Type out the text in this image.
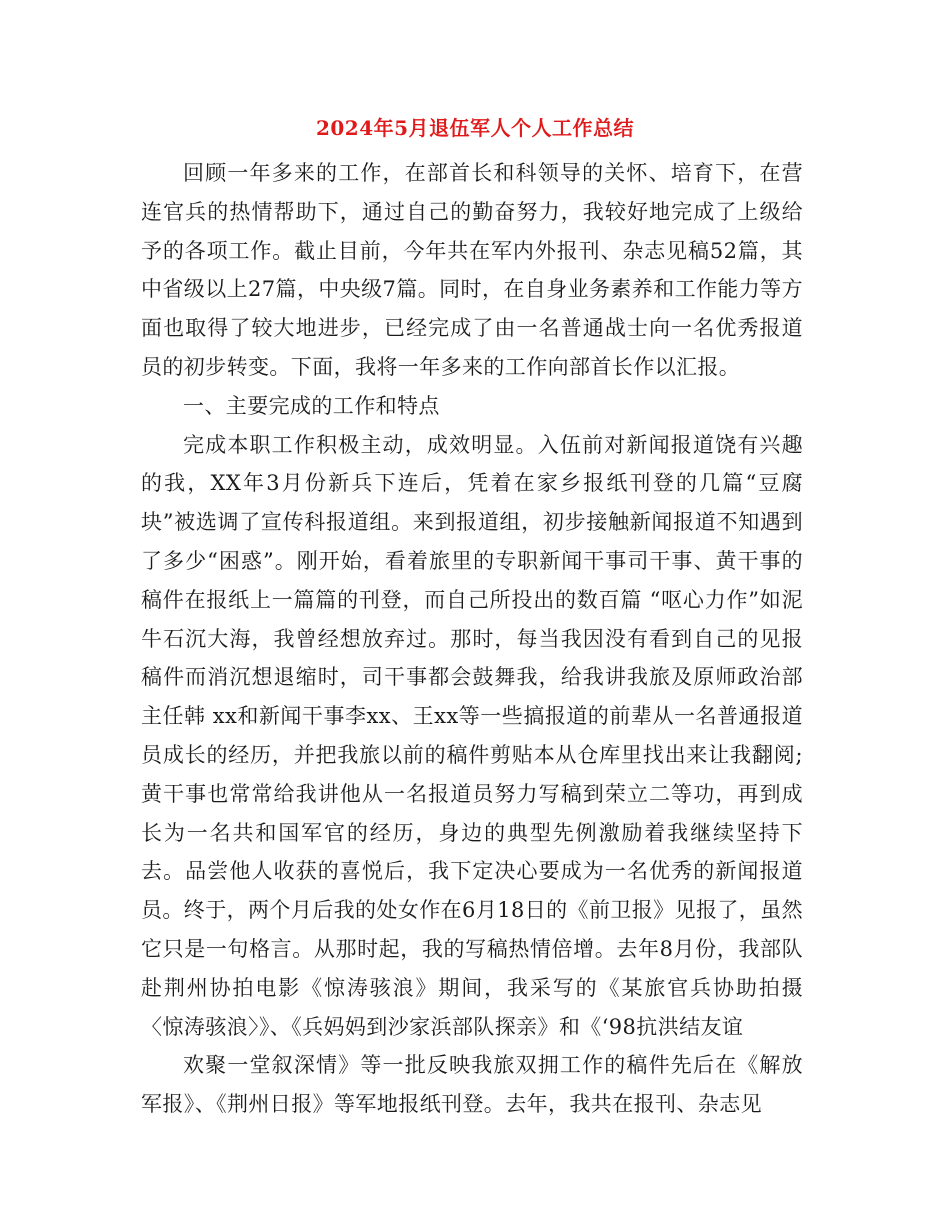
2024年5月退伍军人个人工作总结

回顾一年多来的工作，在部首长和科领导的关怀、培育下，在营连官兵的热情帮助下，通过自己的勤奋努力，我较好地完成了上级给予的各项工作。截止目前，今年共在军内外报刊、杂志见稿52篇，其中省级以上27篇，中央级7篇。同时，在自身业务素养和工作能力等方面也取得了较大地进步，已经完成了由一名普通战士向一名优秀报道员的初步转变。下面，我将一年多来的工作向部首长作以汇报。

一、主要完成的工作和特点

完成本职工作积极主动，成效明显。入伍前对新闻报道饶有兴趣的我，XX年3月份新兵下连后，凭着在家乡报纸刊登的几篇“豆腐块”被选调了宣传科报道组。来到报道组，初步接触新闻报道不知遇到了多少“困惑”。刚开始，看着旅里的专职新闻干事司干事、黄干事的稿件在报纸上一篇篇的刊登，而自己所投出的数百篇 “呕心力作”如泥牛石沉大海，我曾经想放弃过。那时，每当我因没有看到自己的见报稿件而消沉想退缩时，司干事都会鼓舞我，给我讲我旅及原师政治部主任韩 xx和新闻干事李xx、王xx等一些搞报道的前辈从一名普通报道员成长的经历，并把我旅以前的稿件剪贴本从仓库里找出来让我翻阅;黄干事也常常给我讲他从一名报道员努力写稿到荣立二等功，再到成长为一名共和国军官的经历，身边的典型先例激励着我继续坚持下去。品尝他人收获的喜悦后，我下定决心要成为一名优秀的新闻报道员。终于，两个月后我的处女作在6月18日的《前卫报》见报了，虽然它只是一句格言。从那时起，我的写稿热情倍增。去年8月份，我部队赴荆州协拍电影《惊涛骇浪》期间，我采写的《某旅官兵协助拍摄〈惊涛骇浪〉》、《兵妈妈到沙家浜部队探亲》和《‘98抗洪结友谊

欢聚一堂叙深情》等一批反映我旅双拥工作的稿件先后在《解放军报》、《荆州日报》等军地报纸刊登。去年，我共在报刊、杂志见
